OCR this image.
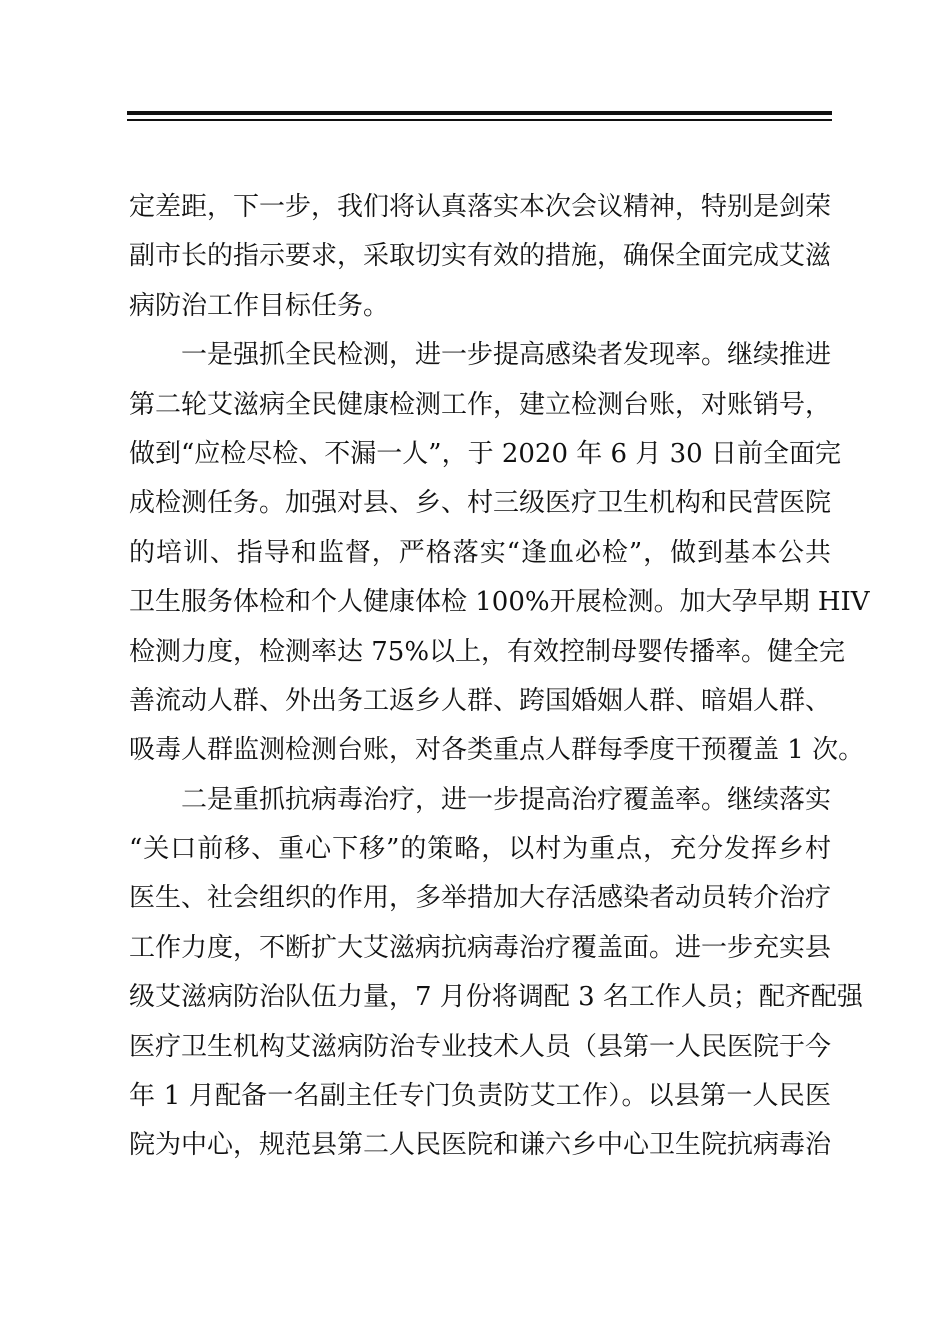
定差距，下一步，我们将认真落实本次会议精神，特别是剑荣
副市长的指示要求，采取切实有效的措施，确保全面完成艾滋
病防治工作目标任务。
一是强抓全民检测，进一步提高感染者发现率。继续推进
第二轮艾滋病全民健康检测工作，建立检测台账，对账销号，
做到“应检尽检、不漏一人”，于 2020 年 6 月 30 日前全面完
成检测任务。加强对县、乡、村三级医疗卫生机构和民营医院
的培训、指导和监督，严格落实“逢血必检”，做到基本公共
卫生服务体检和个人健康体检 100%开展检测。加大孕早期 HIV
检测力度，检测率达 75%以上，有效控制母婴传播率。健全完
善流动人群、外出务工返乡人群、跨国婚姻人群、暗娼人群、
吸毒人群监测检测台账，对各类重点人群每季度干预覆盖 1 次。
二是重抓抗病毒治疗，进一步提高治疗覆盖率。继续落实
“关口前移、重心下移”的策略，以村为重点，充分发挥乡村
医生、社会组织的作用，多举措加大存活感染者动员转介治疗
工作力度，不断扩大艾滋病抗病毒治疗覆盖面。进一步充实县
级艾滋病防治队伍力量，7 月份将调配 3 名工作人员；配齐配强
医疗卫生机构艾滋病防治专业技术人员（县第一人民医院于今
年 1 月配备一名副主任专门负责防艾工作）。以县第一人民医
院为中心，规范县第二人民医院和谦六乡中心卫生院抗病毒治
